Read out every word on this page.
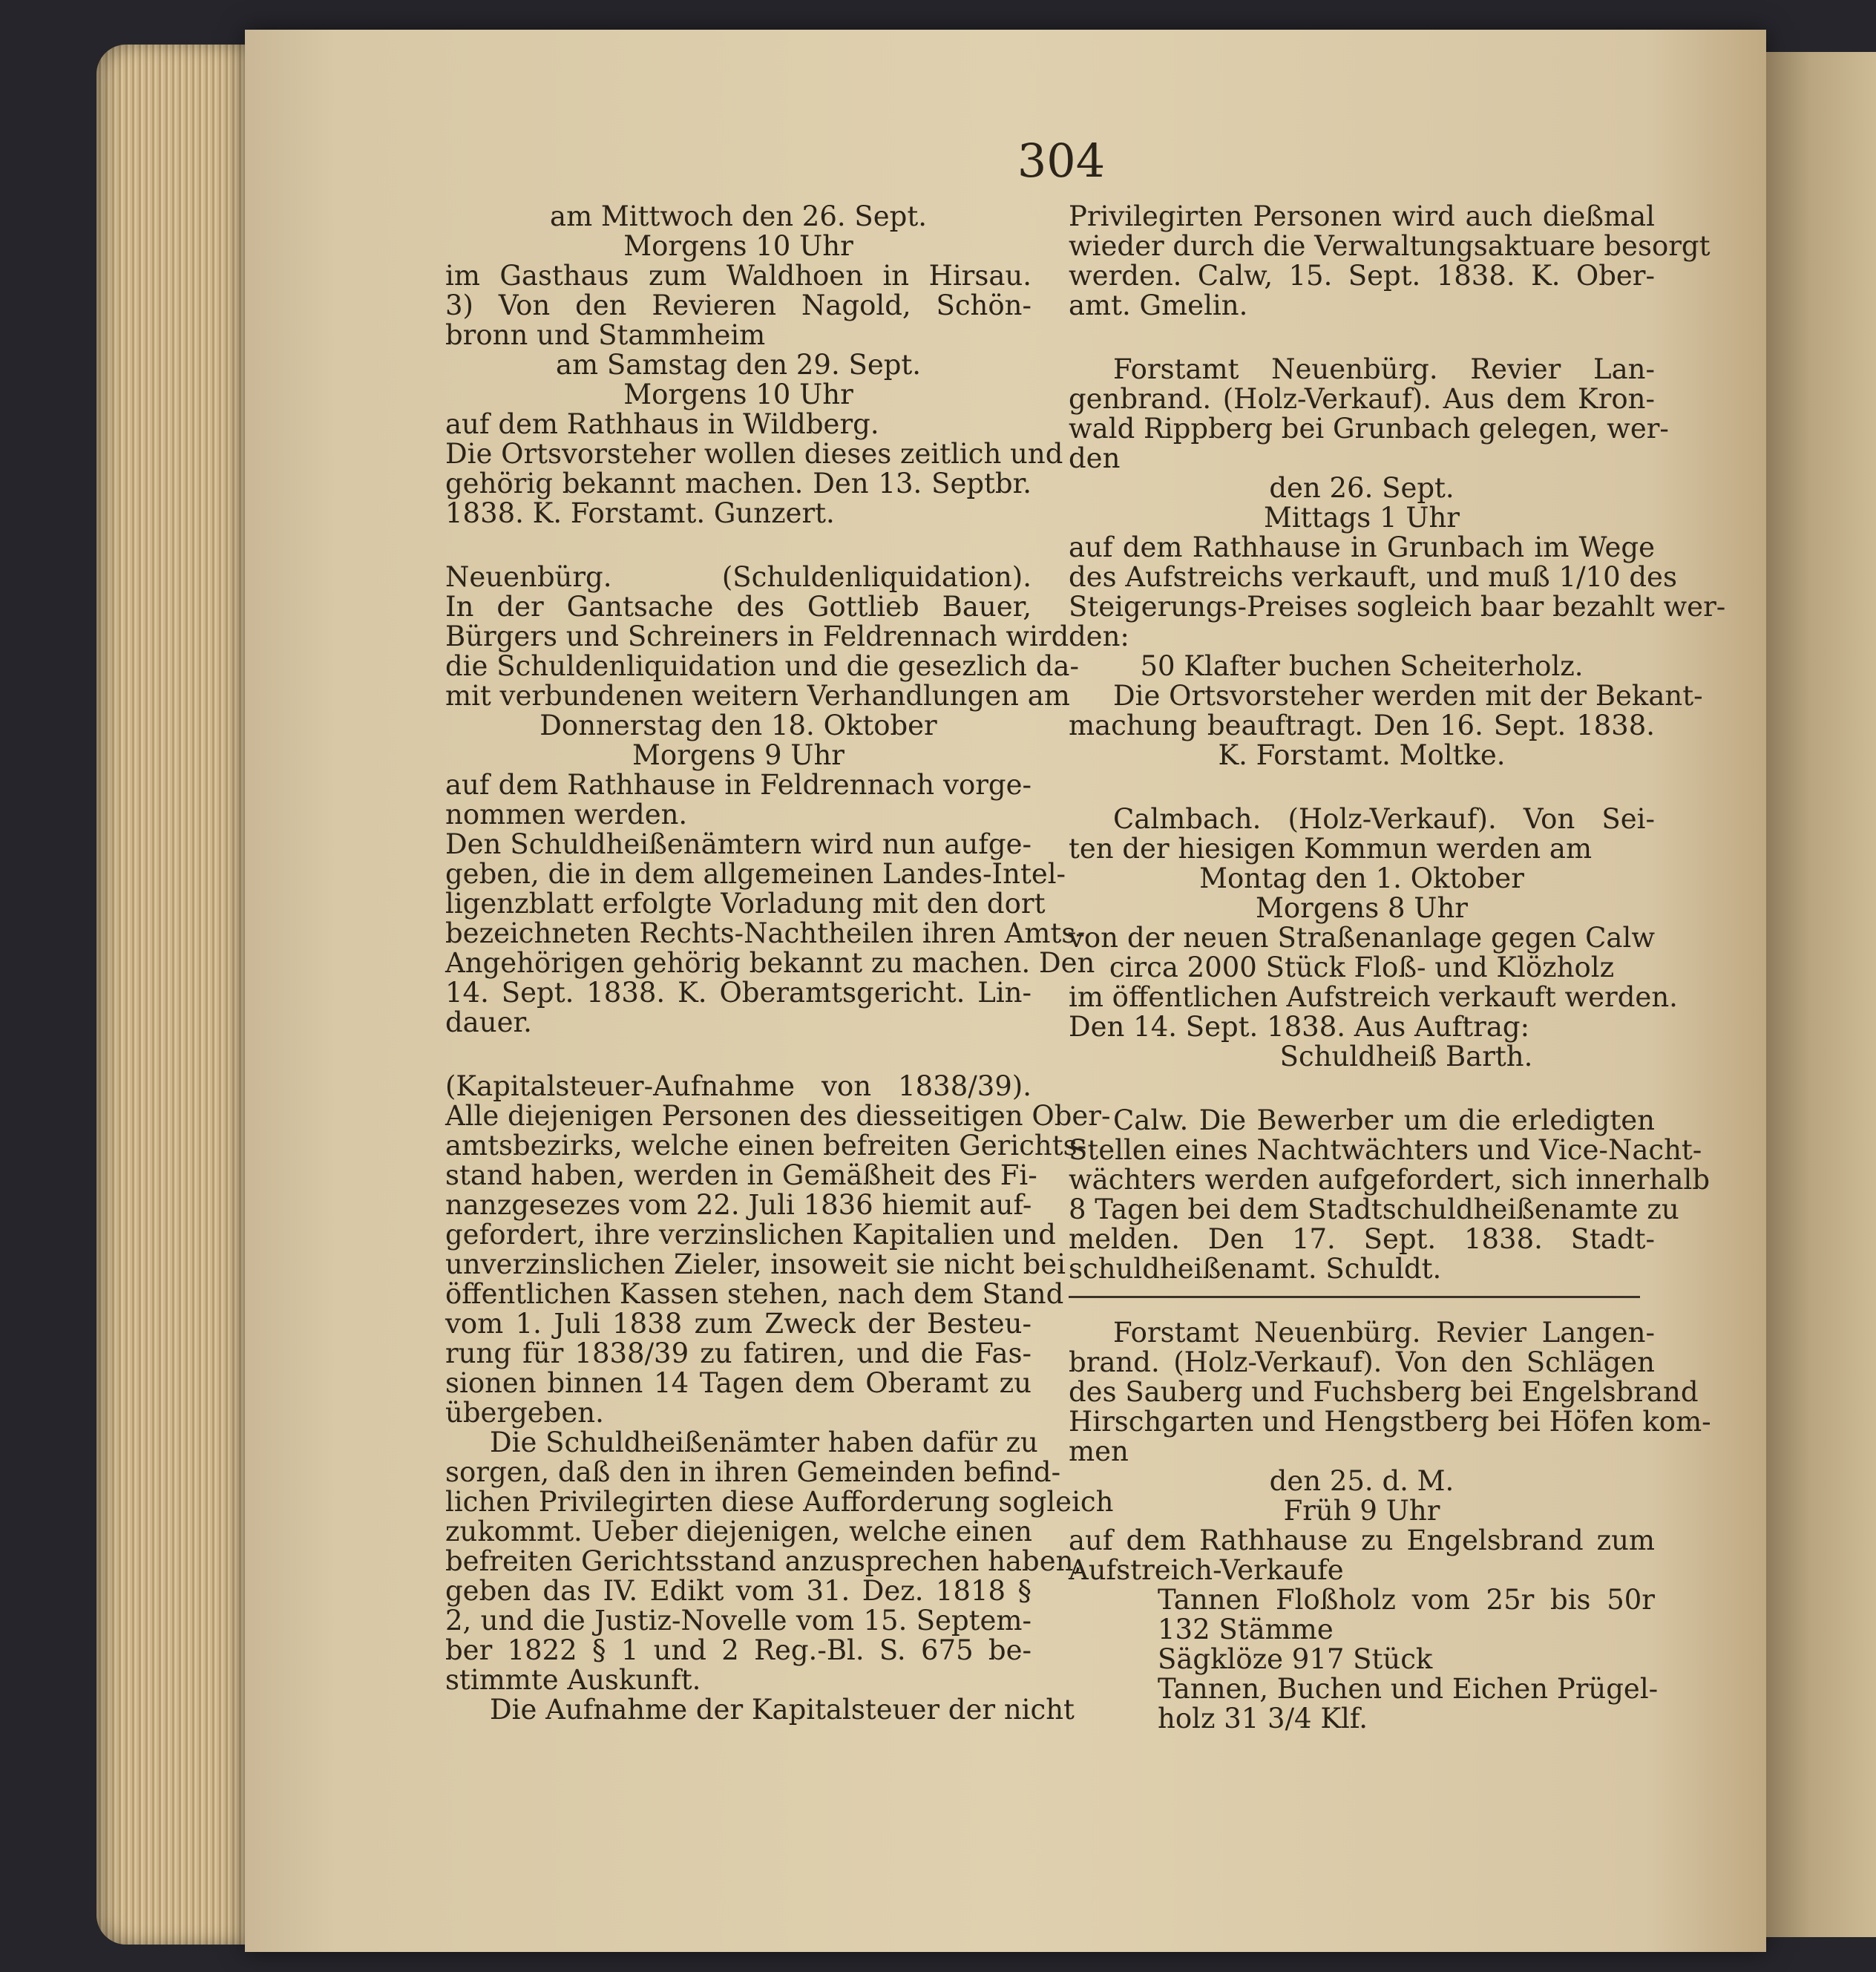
304
am Mittwoch den 26. Sept.
Morgens 10 Uhr
im Gasthaus zum Waldhoen in Hirsau.
3) Von den Revieren Nagold, Schön-
bronn und Stammheim
am Samstag den 29. Sept.
Morgens 10 Uhr
auf dem Rathhaus in Wildberg.
Die Ortsvorsteher wollen dieses zeitlich und
gehörig bekannt machen. Den 13. Septbr.
1838. K. Forstamt. Gunzert.
Neuenbürg. (Schuldenliquidation).
In der Gantsache des Gottlieb Bauer,
Bürgers und Schreiners in Feldrennach wird
die Schuldenliquidation und die gesezlich da-
mit verbundenen weitern Verhandlungen am
Donnerstag den 18. Oktober
Morgens 9 Uhr
auf dem Rathhause in Feldrennach vorge-
nommen werden.
Den Schuldheißenämtern wird nun aufge-
geben, die in dem allgemeinen Landes-Intel-
ligenzblatt erfolgte Vorladung mit den dort
bezeichneten Rechts-Nachtheilen ihren Amts-
Angehörigen gehörig bekannt zu machen. Den
14. Sept. 1838. K. Oberamtsgericht. Lin-
dauer.
(Kapitalsteuer-Aufnahme von 1838/39).
Alle diejenigen Personen des diesseitigen Ober-
amtsbezirks, welche einen befreiten Gerichts-
stand haben, werden in Gemäßheit des Fi-
nanzgesezes vom 22. Juli 1836 hiemit auf-
gefordert, ihre verzinslichen Kapitalien und
unverzinslichen Zieler, insoweit sie nicht bei
öffentlichen Kassen stehen, nach dem Stand
vom 1. Juli 1838 zum Zweck der Besteu-
rung für 1838/39 zu fatiren, und die Fas-
sionen binnen 14 Tagen dem Oberamt zu
übergeben.
Die Schuldheißenämter haben dafür zu
sorgen, daß den in ihren Gemeinden befind-
lichen Privilegirten diese Aufforderung sogleich
zukommt. Ueber diejenigen, welche einen
befreiten Gerichtsstand anzusprechen haben,
geben das IV. Edikt vom 31. Dez. 1818 §
2, und die Justiz-Novelle vom 15. Septem-
ber 1822 § 1 und 2 Reg.-Bl. S. 675 be-
stimmte Auskunft.
Die Aufnahme der Kapitalsteuer der nicht
Privilegirten Personen wird auch dießmal
wieder durch die Verwaltungsaktuare besorgt
werden. Calw, 15. Sept. 1838. K. Ober-
amt. Gmelin.
Forstamt Neuenbürg. Revier Lan-
genbrand. (Holz-Verkauf). Aus dem Kron-
wald Rippberg bei Grunbach gelegen, wer-
den
den 26. Sept.
Mittags 1 Uhr
auf dem Rathhause in Grunbach im Wege
des Aufstreichs verkauft, und muß 1/10 des
Steigerungs-Preises sogleich baar bezahlt wer-
den:
50 Klafter buchen Scheiterholz.
Die Ortsvorsteher werden mit der Bekant-
machung beauftragt. Den 16. Sept. 1838.
K. Forstamt. Moltke.
Calmbach. (Holz-Verkauf). Von Sei-
ten der hiesigen Kommun werden am
Montag den 1. Oktober
Morgens 8 Uhr
von der neuen Straßenanlage gegen Calw
circa 2000 Stück Floß- und Klözholz
im öffentlichen Aufstreich verkauft werden.
Den 14. Sept. 1838. Aus Auftrag:
Schuldheiß Barth.
Calw. Die Bewerber um die erledigten
Stellen eines Nachtwächters und Vice-Nacht-
wächters werden aufgefordert, sich innerhalb
8 Tagen bei dem Stadtschuldheißenamte zu
melden. Den 17. Sept. 1838. Stadt-
schuldheißenamt. Schuldt.
Forstamt Neuenbürg. Revier Langen-
brand. (Holz-Verkauf). Von den Schlägen
des Sauberg und Fuchsberg bei Engelsbrand
Hirschgarten und Hengstberg bei Höfen kom-
men
den 25. d. M.
Früh 9 Uhr
auf dem Rathhause zu Engelsbrand zum
Aufstreich-Verkaufe
Tannen Floßholz vom 25r bis 50r
132 Stämme
Sägklöze 917 Stück
Tannen, Buchen und Eichen Prügel-
holz 31 3/4 Klf.
